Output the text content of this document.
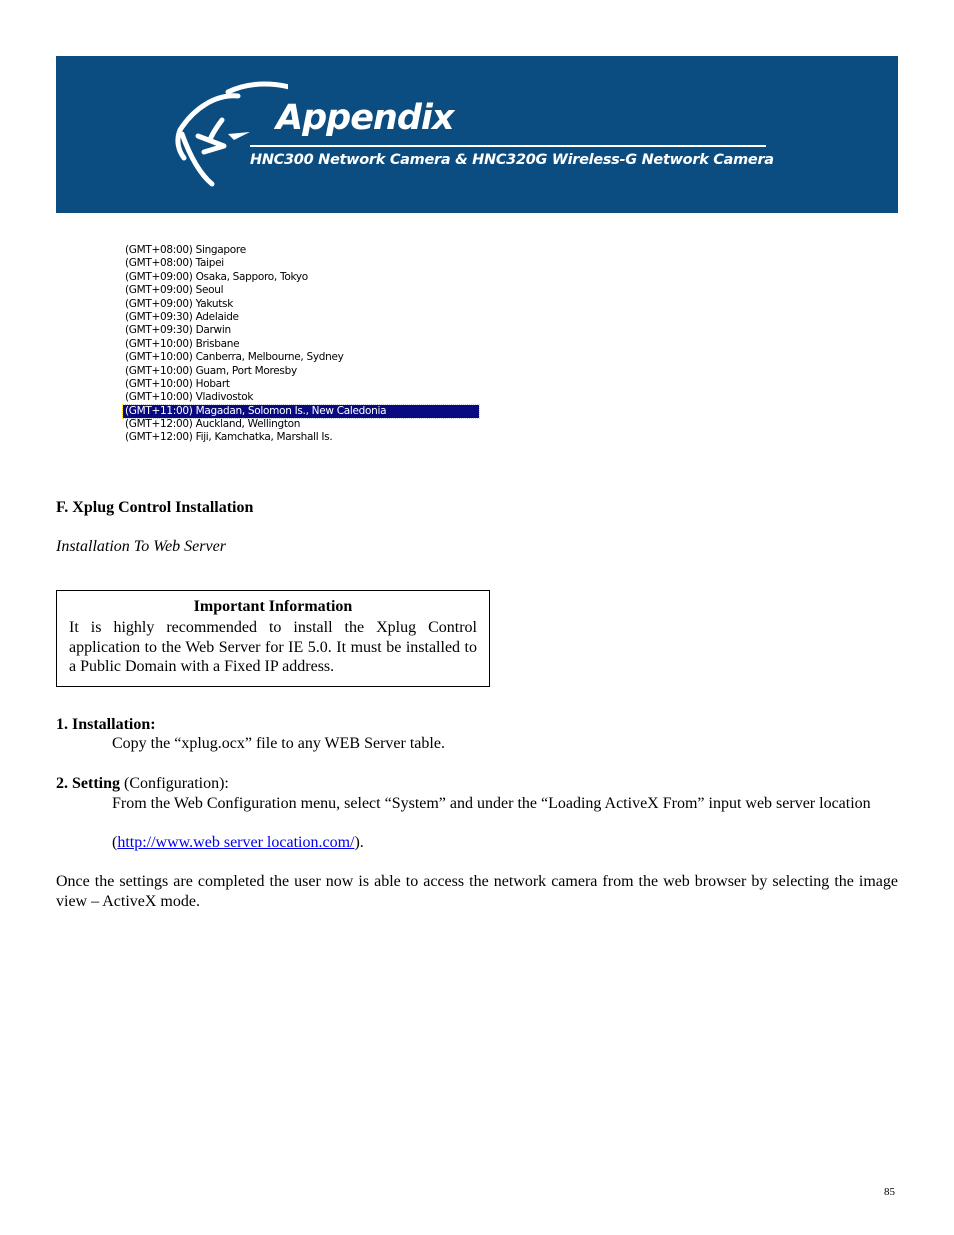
Appendix
HNC300 Network Camera & HNC320G Wireless-G Network Camera
(GMT+08:00) Singapore
(GMT+08:00) Taipei
(GMT+09:00) Osaka, Sapporo, Tokyo
(GMT+09:00) Seoul
(GMT+09:00) Yakutsk
(GMT+09:30) Adelaide
(GMT+09:30) Darwin
(GMT+10:00) Brisbane
(GMT+10:00) Canberra, Melbourne, Sydney
(GMT+10:00) Guam, Port Moresby
(GMT+10:00) Hobart
(GMT+10:00) Vladivostok
(GMT+11:00) Magadan, Solomon Is., New Caledonia
(GMT+12:00) Auckland, Wellington
(GMT+12:00) Fiji, Kamchatka, Marshall Is.
F. Xplug Control Installation
Installation To Web Server
Important Information
It is highly recommended to install the Xplug Control application to the Web Server for IE 5.0. It must be installed to a Public Domain with a Fixed IP address.
1. Installation:
Copy the “xplug.ocx” file to any WEB Server table.
2. Setting (Configuration):
From the Web Configuration menu, select “System” and under the “Loading ActiveX From” input web server location
(http://www.web server location.com/).
Once the settings are completed the user now is able to access the network camera from the web browser by selecting the image view – ActiveX mode.
85
